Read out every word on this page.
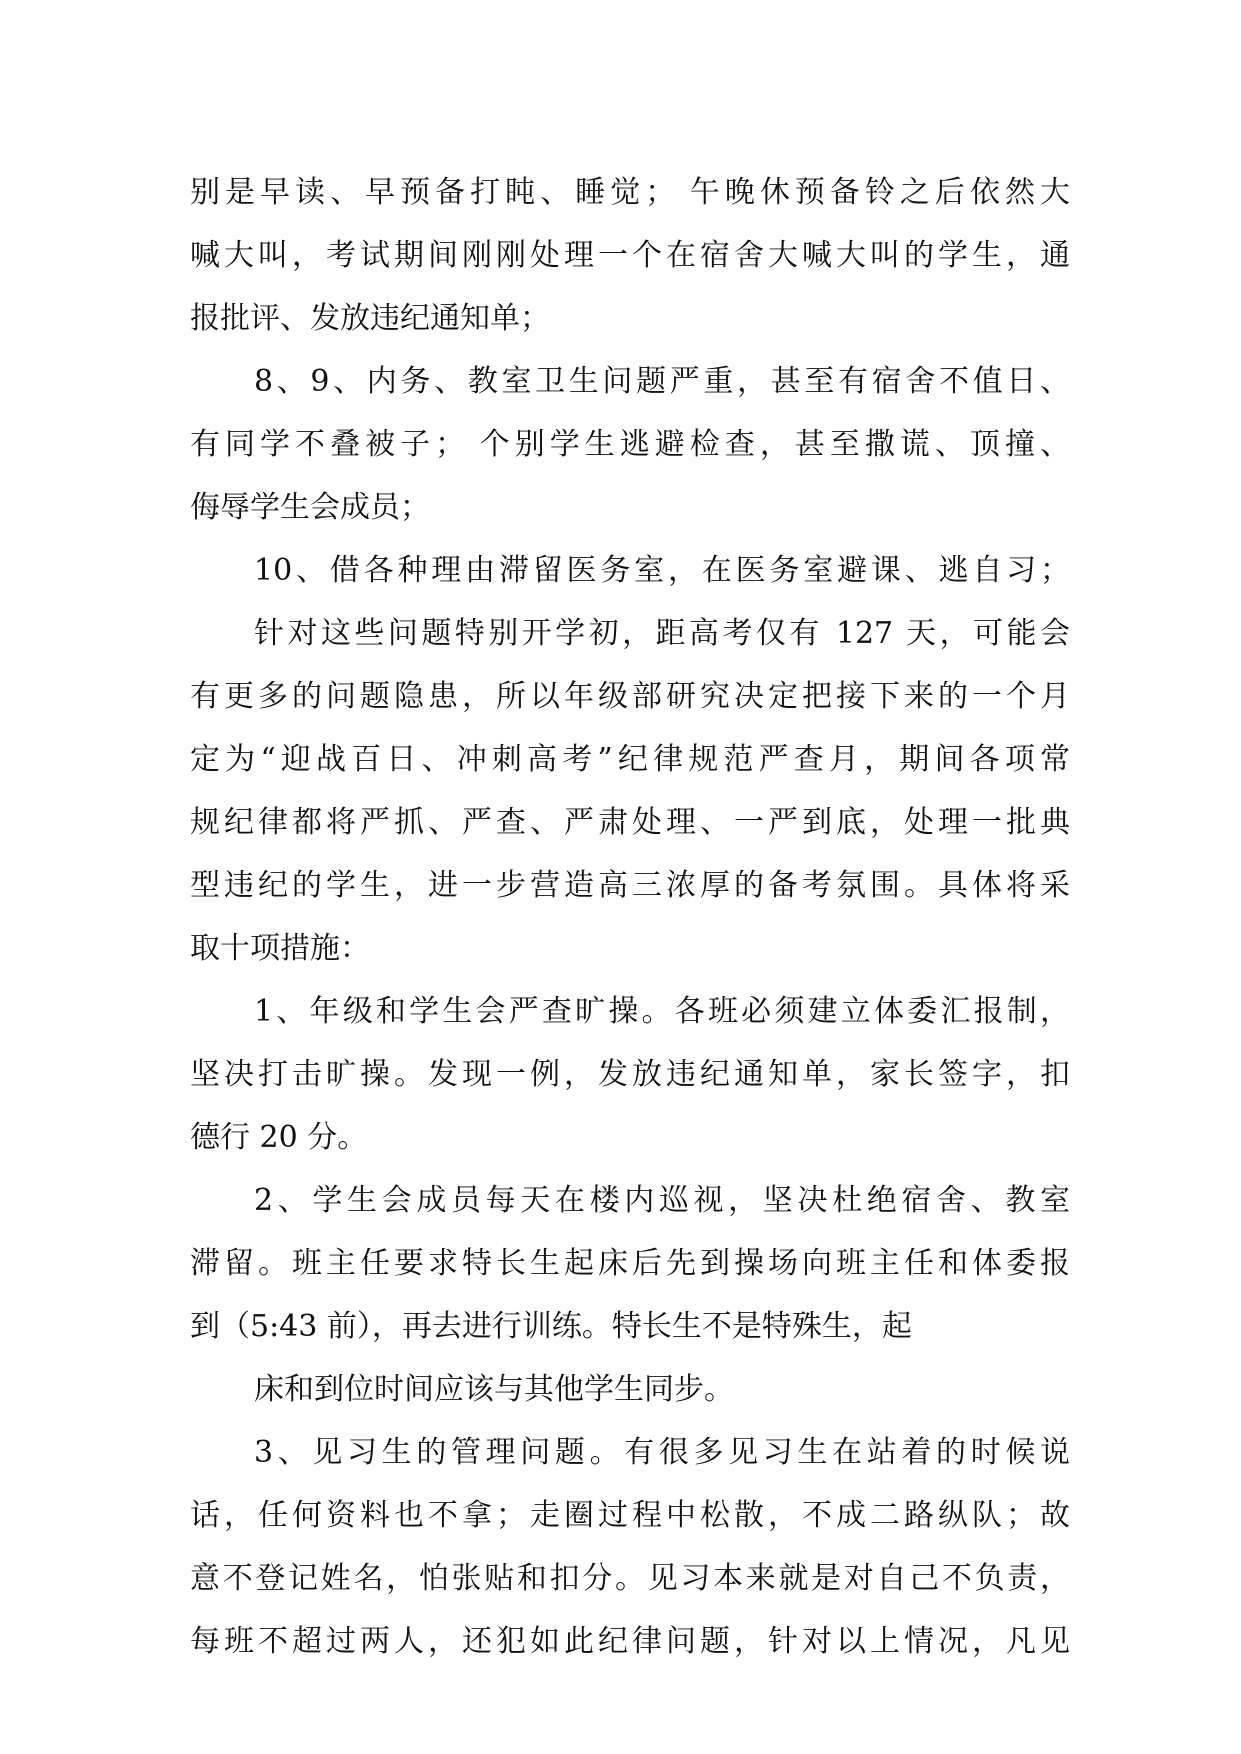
别是早读、早预备打盹、睡觉； 午晚休预备铃之后依然大
喊大叫，考试期间刚刚处理一个在宿舍大喊大叫的学生，通
报批评、发放违纪通知单；
8、9、内务、教室卫生问题严重，甚至有宿舍不值日、
有同学不叠被子； 个别学生逃避检查，甚至撒谎、顶撞、
侮辱学生会成员；
10、借各种理由滞留医务室，在医务室避课、逃自习；
针对这些问题特别开学初，距高考仅有 127 天，可能会
有更多的问题隐患，所以年级部研究决定把接下来的一个月
定为“迎战百日、冲刺高考”纪律规范严查月，期间各项常
规纪律都将严抓、严查、严肃处理、一严到底，处理一批典
型违纪的学生，进一步营造高三浓厚的备考氛围。具体将采
取十项措施：
1、年级和学生会严查旷操。各班必须建立体委汇报制，
坚决打击旷操。发现一例，发放违纪通知单，家长签字，扣
德行 20 分。
2、学生会成员每天在楼内巡视，坚决杜绝宿舍、教室
滞留。班主任要求特长生起床后先到操场向班主任和体委报
到（5:43 前），再去进行训练。特长生不是特殊生，起
床和到位时间应该与其他学生同步。
3、见习生的管理问题。有很多见习生在站着的时候说
话，任何资料也不拿；走圈过程中松散，不成二路纵队；故
意不登记姓名，怕张贴和扣分。见习本来就是对自己不负责，
每班不超过两人，还犯如此纪律问题，针对以上情况，凡见
